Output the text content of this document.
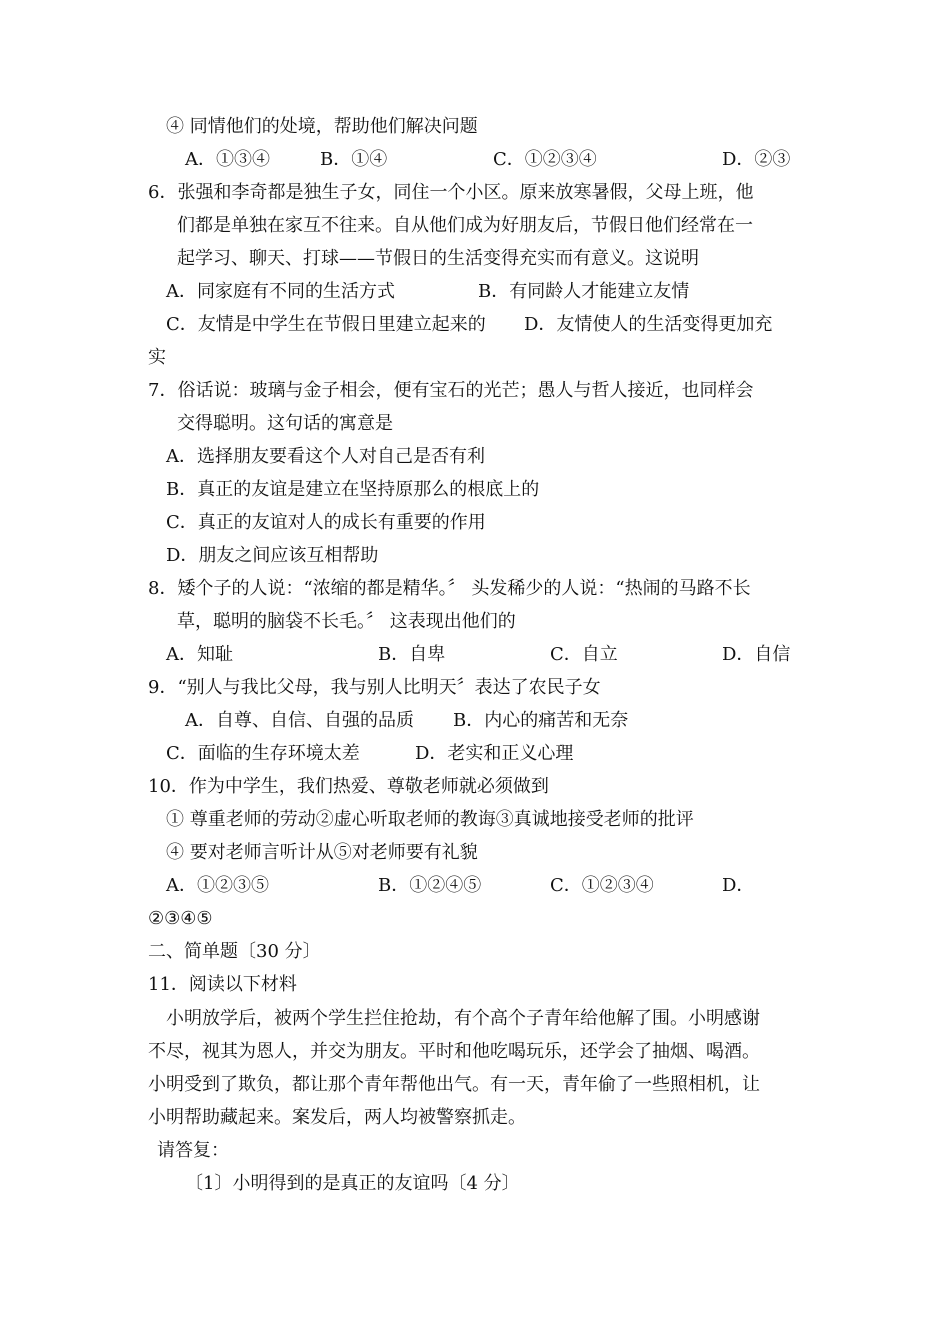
④ 同情他们的处境，帮助他们解决问题
A．①③④	B．①④	C．①②③④	D．②③
6．张强和李奇都是独生子女，同住一个小区。原来放寒暑假，父母上班，他
们都是单独在家互不往来。自从他们成为好朋友后，节假日他们经常在一
起学习、聊天、打球——节假日的生活变得充实而有意义。这说明
A．同家庭有不同的生活方式	B．有同龄人才能建立友情
C．友情是中学生在节假日里建立起来的 D．友情使人的生活变得更加充
实
7．俗话说：玻璃与金子相会，便有宝石的光芒；愚人与哲人接近，也同样会
交得聪明。这句话的寓意是
A．选择朋友要看这个人对自己是否有利
B．真正的友谊是建立在坚持原那么的根底上的
C．真正的友谊对人的成长有重要的作用
D．朋友之间应该互相帮助
8．矮个子的人说：“浓缩的都是精华。〞 头发稀少的人说：“热闹的马路不长
草，聪明的脑袋不长毛。〞 这表现出他们的
A．知耻	B．自卑	C．自立	D．自信
9．“别人与我比父母，我与别人比明天〞表达了农民子女
A．自尊、自信、自强的品质 B．内心的痛苦和无奈
C．面临的生存环境太差	D．老实和正义心理
10．作为中学生，我们热爱、尊敬老师就必须做到
① 尊重老师的劳动②虚心听取老师的教诲③真诚地接受老师的批评
④ 要对老师言听计从⑤对老师要有礼貌
A．①②③⑤	B．①②④⑤	C．①②③④	D．
②③④⑤
二、简单题〔30 分〕
11．阅读以下材料
小明放学后，被两个学生拦住抢劫，有个高个子青年给他解了围。小明感谢
不尽，视其为恩人，并交为朋友。平时和他吃喝玩乐，还学会了抽烟、喝酒。
小明受到了欺负，都让那个青年帮他出气。有一天，青年偷了一些照相机，让
小明帮助藏起来。案发后，两人均被警察抓走。
请答复：
〔1〕小明得到的是真正的友谊吗〔4 分〕
